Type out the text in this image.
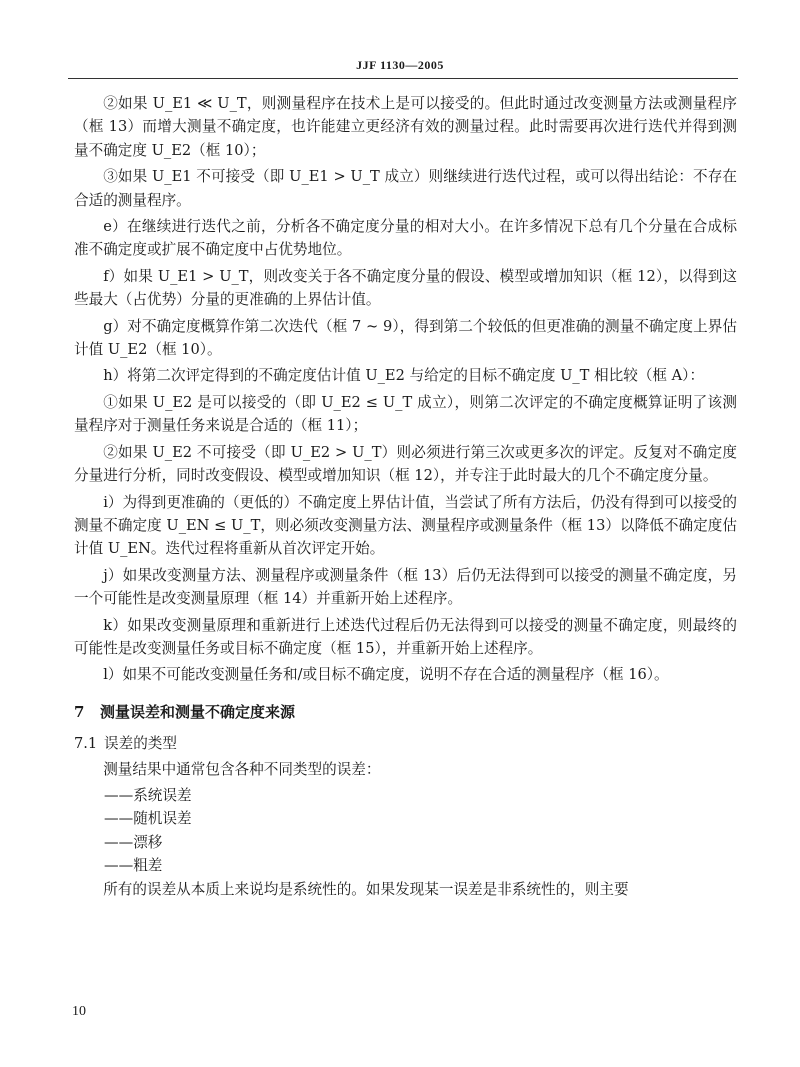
JJF 1130—2005

②如果 U_E1 ≪ U_T，则测量程序在技术上是可以接受的。但此时通过改变测量方法或测量程序（框 13）而增大测量不确定度，也许能建立更经济有效的测量过程。此时需要再次进行迭代并得到测量不确定度 U_E2（框 10）；

③如果 U_E1 不可接受（即 U_E1 > U_T 成立）则继续进行迭代过程，或可以得出结论：不存在合适的测量程序。

e）在继续进行迭代之前，分析各不确定度分量的相对大小。在许多情况下总有几个分量在合成标准不确定度或扩展不确定度中占优势地位。

f）如果 U_E1 > U_T，则改变关于各不确定度分量的假设、模型或增加知识（框 12），以得到这些最大（占优势）分量的更准确的上界估计值。

g）对不确定度概算作第二次迭代（框 7 ~ 9），得到第二个较低的但更准确的测量不确定度上界估计值 U_E2（框 10）。

h）将第二次评定得到的不确定度估计值 U_E2 与给定的目标不确定度 U_T 相比较（框 A）：

①如果 U_E2 是可以接受的（即 U_E2 ≤ U_T 成立），则第二次评定的不确定度概算证明了该测量程序对于测量任务来说是合适的（框 11）；

②如果 U_E2 不可接受（即 U_E2 > U_T）则必须进行第三次或更多次的评定。反复对不确定度分量进行分析，同时改变假设、模型或增加知识（框 12），并专注于此时最大的几个不确定度分量。

i）为得到更准确的（更低的）不确定度上界估计值，当尝试了所有方法后，仍没有得到可以接受的测量不确定度 U_EN ≤ U_T，则必须改变测量方法、测量程序或测量条件（框 13）以降低不确定度估计值 U_EN。迭代过程将重新从首次评定开始。

j）如果改变测量方法、测量程序或测量条件（框 13）后仍无法得到可以接受的测量不确定度，另一个可能性是改变测量原理（框 14）并重新开始上述程序。

k）如果改变测量原理和重新进行上述迭代过程后仍无法得到可以接受的测量不确定度，则最终的可能性是改变测量任务或目标不确定度（框 15），并重新开始上述程序。

l）如果不可能改变测量任务和/或目标不确定度，说明不存在合适的测量程序（框 16）。

7 测量误差和测量不确定度来源
7.1 误差的类型

测量结果中通常包含各种不同类型的误差：

——系统误差
——随机误差
——漂移
——粗差

所有的误差从本质上来说均是系统性的。如果发现某一误差是非系统性的，则主要

10
